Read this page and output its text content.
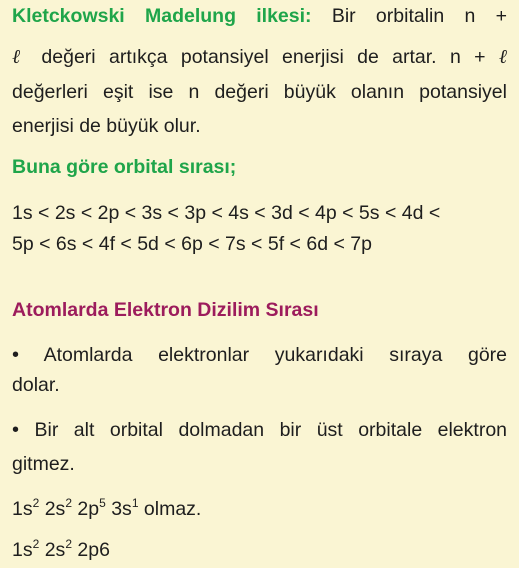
Kletckowski Madelung ilkesi: Bir orbitalin n +
ℓ değeri artıkça potansiyel enerjisi de artar. n + ℓ
değerleri eşit ise n değeri büyük olanın potansiyel
enerjisi de büyük olur.
Buna göre orbital sırası;
1s < 2s < 2p < 3s < 3p < 4s < 3d < 4p < 5s < 4d <
5p < 6s < 4f < 5d < 6p < 7s < 5f < 6d < 7p
Atomlarda Elektron Dizilim Sırası
• Atomlarda elektronlar yukarıdaki sıraya göre
dolar.
• Bir alt orbital dolmadan bir üst orbitale elektron
gitmez.
$1s^2$ $2s^2$ $2p^5$ $3s^1$ olmaz.
$1s^2$ $2s^2$ 2p6
